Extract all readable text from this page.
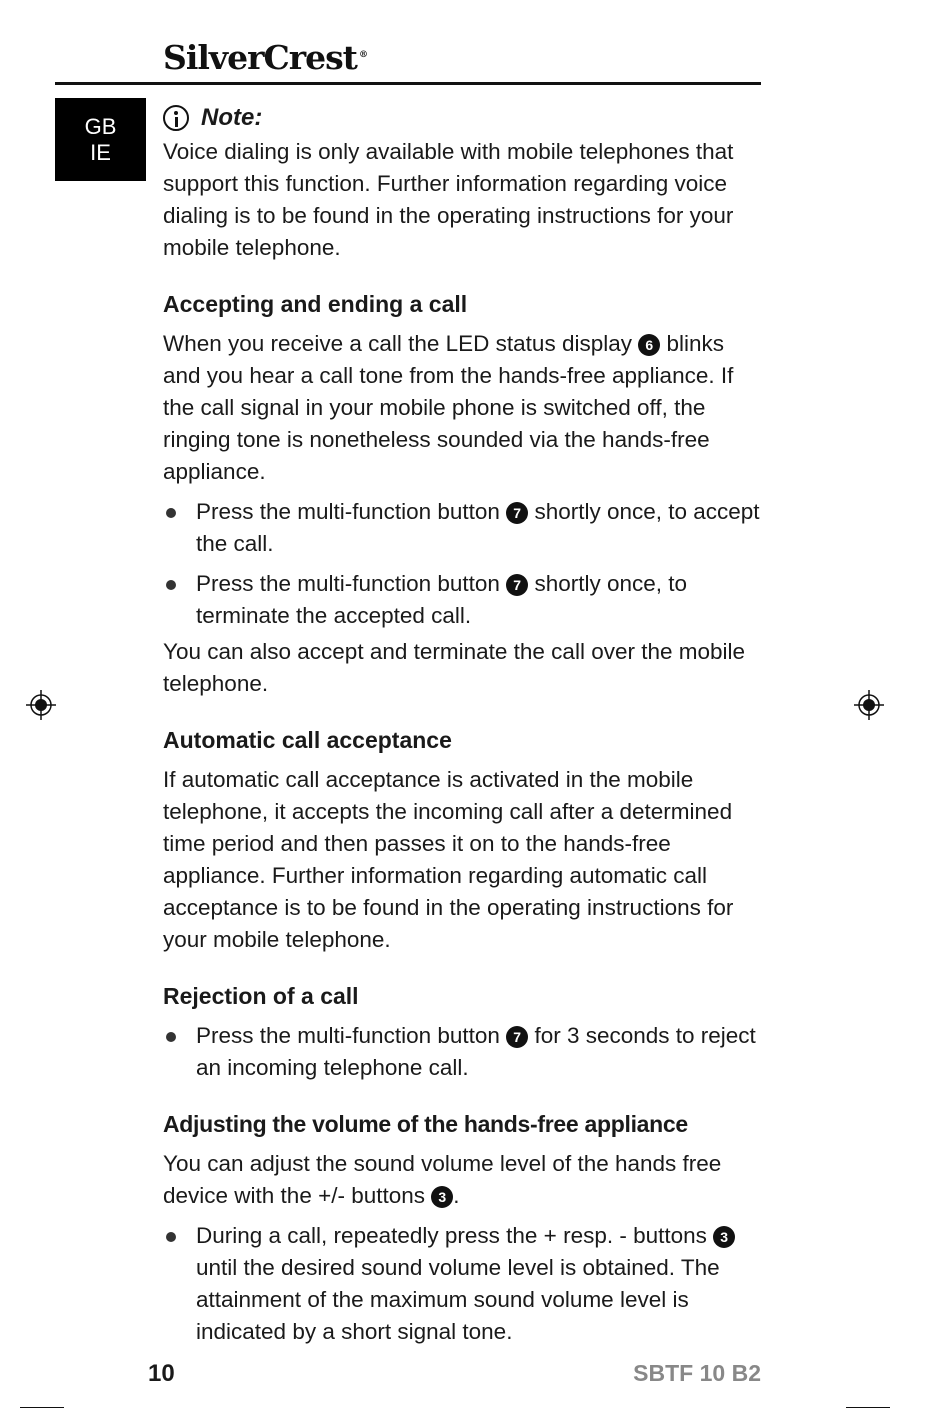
SilverCrest ®
GB
IE
Note:

Voice dialing is only available with mobile telephones that support this function. Further information regarding voice dialing is to be found in the operating instructions for your mobile telephone.

Accepting and ending a call

When you receive a call the LED status display 6 blinks and you hear a call tone from the hands-free appliance. If the call signal in your mobile phone is switched off, the ringing tone is nonetheless sounded via the hands-free appliance.

Press the multi-function button 7 shortly once, to accept the call.
Press the multi-function button 7 shortly once, to terminate the accepted call.

You can also accept and terminate the call over the mobile telephone.

Automatic call acceptance

If automatic call acceptance is activated in the mobile telephone, it accepts the incoming call after a determined time period and then passes it on to the hands-free appliance. Further information regarding automatic call acceptance is to be found in the operating instructions for your mobile telephone.

Rejection of a call
Press the multi-function button 7 for 3 seconds to reject an incoming telephone call.
Adjusting the volume of the hands-free appliance

You can adjust the sound volume level of the hands free device with the +/- buttons 3 .

During a call, repeatedly press the + resp. - buttons 3 until the desired sound volume level is obtained. The attainment of the maximum sound volume level is indicated by a short signal tone.
10	SBTF 10 B2
